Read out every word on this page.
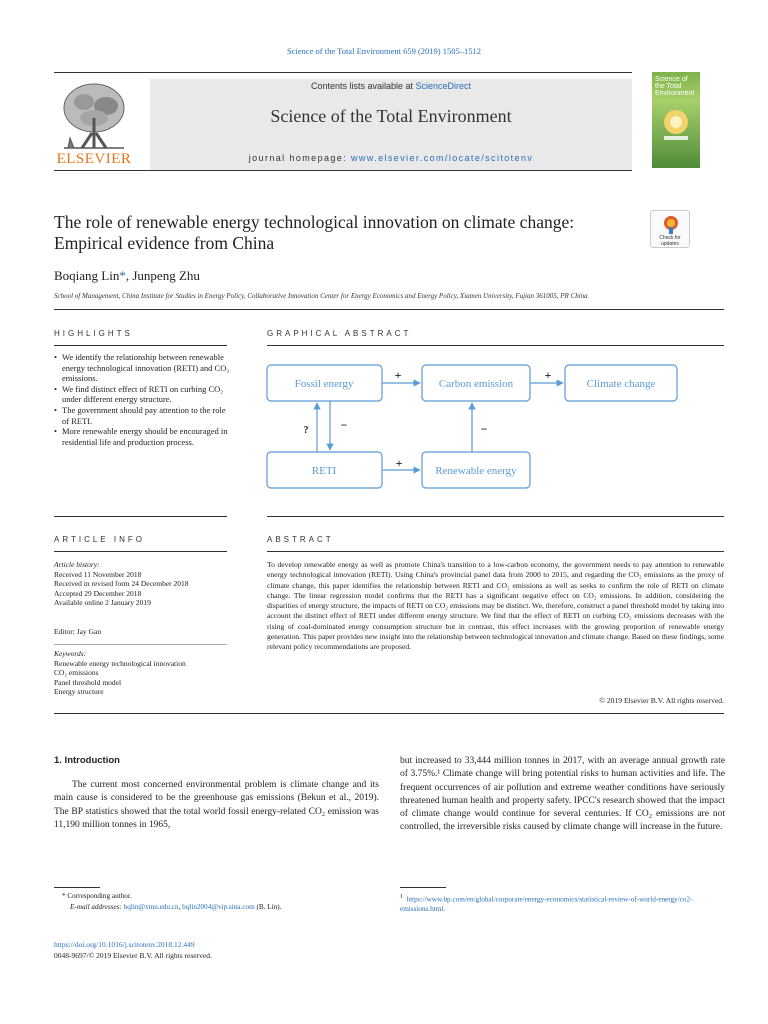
Science of the Total Environment 659 (2019) 1505–1512
ELSEVIER
Contents lists available at ScienceDirect
Science of the Total Environment
journal homepage: www.elsevier.com/locate/scitotenv
Science of the Total Environment
The role of renewable energy technological innovation on climate change: Empirical evidence from China	Check for updates
Boqiang Lin*, Junpeng Zhu
School of Management, China Institute for Studies in Energy Policy, Collaborative Innovation Center for Energy Economics and Energy Policy, Xiamen University, Fujian 361005, PR China
HIGHLIGHTS
• We identify the relationship between renewable energy technological innovation (RETI) and CO₂ emissions.
• We find distinct effect of RETI on curbing CO₂ under different energy structure.
• The government should pay attention to the role of RETI.
• More renewable energy should be encouraged in residential life and production process.
GRAPHICAL ABSTRACT
Fossil energy	Carbon emission	Climate change
RETI	Renewable energy
+	+
?	−	−
+
ARTICLE INFO
Article history:
Received 11 November 2018
Received in revised form 24 December 2018
Accepted 29 December 2018
Available online 2 January 2019
Editor: Jay Gan
Keywords:
Renewable energy technological innovation
CO₂ emissions
Panel threshold model
Energy structure
ABSTRACT
To develop renewable energy as well as promote China's transition to a low-carbon economy, the government needs to pay attention to renewable energy technological innovation (RETI). Using China's provincial panel data from 2000 to 2015, and regarding the CO₂ emissions as the proxy of climate change, this paper identifies the relationship between RETI and CO₂ emissions as well as seeks to confirm the role of RETI on climate change. The linear regression model confirms that the RETI has a significant negative effect on CO₂ emissions. In addition, considering the disparities of energy structure, the impacts of RETI on CO₂ emissions may be distinct. We, therefore, construct a panel threshold model by taking into account the distinct effect of RETI under different energy structure. We find that the effect of RETI on curbing CO₂ emissions decreases with the rising of coal-dominated energy consumption structure but in contrast, this effect increases with the growing proportion of renewable energy generation. This paper provides new insight into the relationship between technological innovation and climate change. Based on these findings, some relevant policy recommendations are proposed.
© 2019 Elsevier B.V. All rights reserved.
1. Introduction
The current most concerned environmental problem is climate change and its main cause is considered to be the greenhouse gas emissions (Bekun et al., 2019). The BP statistics showed that the total world fossil energy-related CO₂ emission was 11,190 million tonnes in 1965,
but increased to 33,444 million tonnes in 2017, with an average annual growth rate of 3.75%.¹ Climate change will bring potential risks to human activities and life. The frequent occurrences of air pollution and extreme weather conditions have seriously threatened human health and property safety. IPCC's research showed that the impact of climate change would continue for several centuries. If CO₂ emissions are not controlled, the irreversible risks caused by climate change will increase in the future.
* Corresponding author.
E-mail addresses: bqlin@xmu.edu.cn, bqlin2004@vip.sina.com (B. Lin).
$^1$ https://www.bp.com/en/global/corporate/energy-economics/statistical-review-of-world-energy/co2-emissions.html.
https://doi.org/10.1016/j.scitotenv.2018.12.449
0048-9697/© 2019 Elsevier B.V. All rights reserved.
